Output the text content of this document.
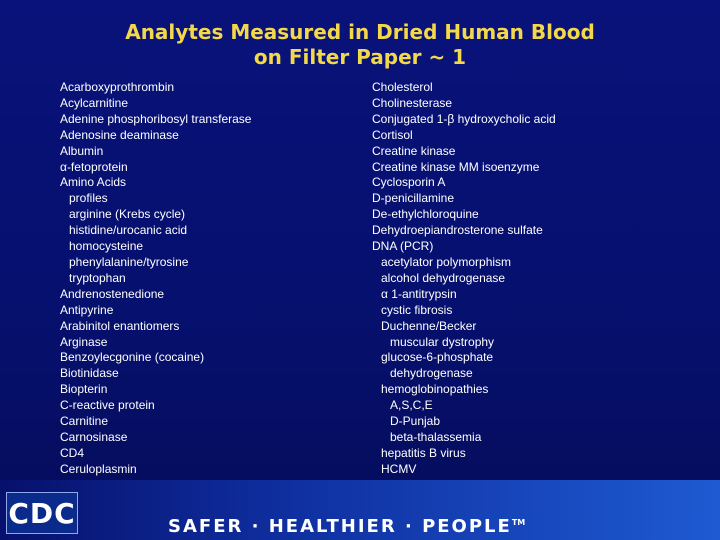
Analytes Measured in Dried Human Blood
on Filter Paper ~ 1
Acarboxyprothrombin
Acylcarnitine
Adenine phosphoribosyl transferase
Adenosine deaminase
Albumin
α-fetoprotein
Amino Acids
profiles
arginine (Krebs cycle)
histidine/urocanic acid
homocysteine
phenylalanine/tyrosine
tryptophan
Andrenostenedione
Antipyrine
Arabinitol enantiomers
Arginase
Benzoylecgonine (cocaine)
Biotinidase
Biopterin
C-reactive protein
Carnitine
Carnosinase
CD4
Ceruloplasmin
Cholesterol
Cholinesterase
Conjugated 1-β hydroxycholic acid
Cortisol
Creatine kinase
Creatine kinase MM isoenzyme
Cyclosporin A
D-penicillamine
De-ethylchloroquine
Dehydroepiandrosterone sulfate
DNA (PCR)
acetylator polymorphism
alcohol dehydrogenase
α 1-antitrypsin
cystic fibrosis
Duchenne/Becker
muscular dystrophy
glucose-6-phosphate
dehydrogenase
hemoglobinopathies
A,S,C,E
D-Punjab
beta-thalassemia
hepatitis B virus
HCMV
CDC	SAFER · HEALTHIER · PEOPLE™
